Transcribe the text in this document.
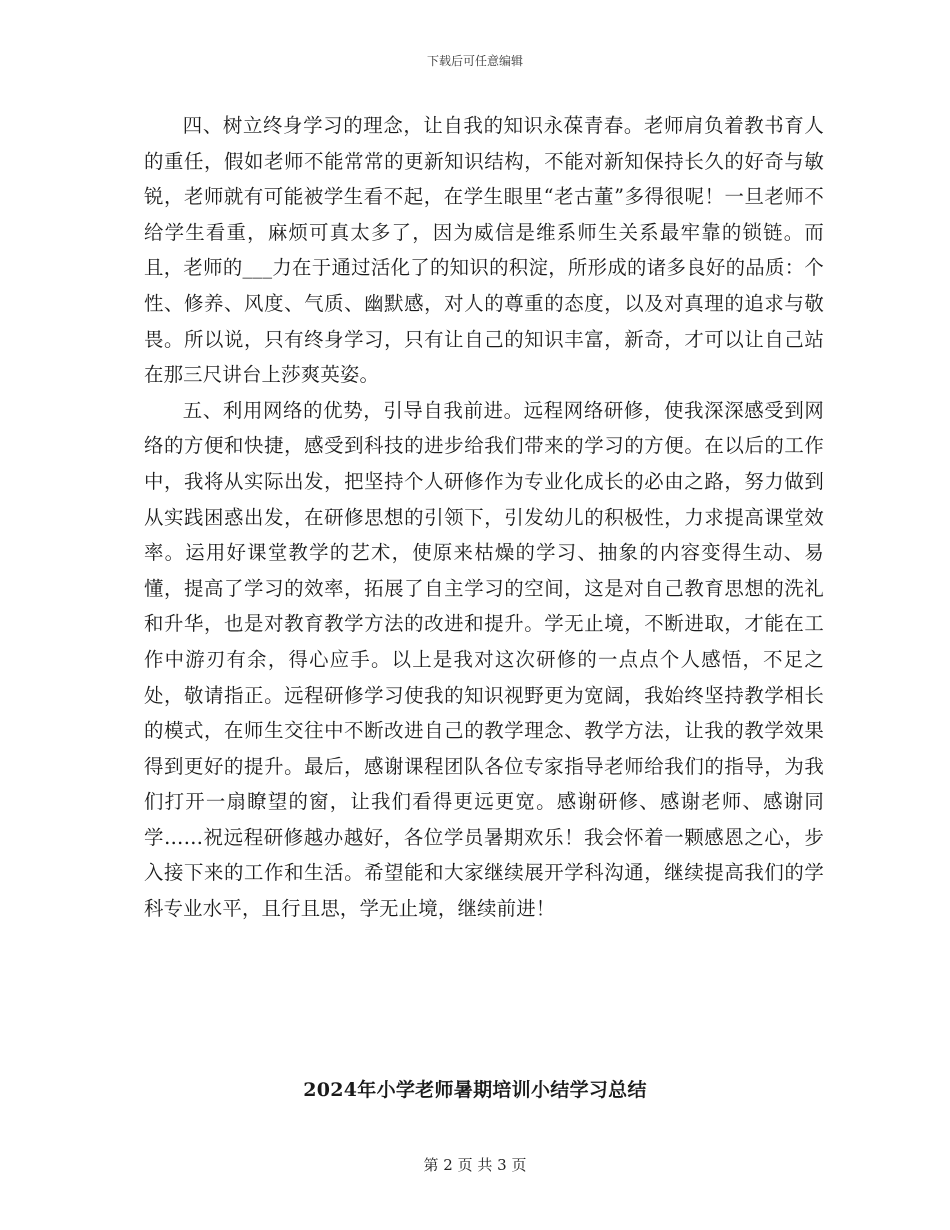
下载后可任意编辑

四、树立终身学习的理念，让自我的知识永葆青春。老师肩负着教书育人的重任，假如老师不能常常的更新知识结构，不能对新知保持长久的好奇与敏锐，老师就有可能被学生看不起，在学生眼里“老古董”多得很呢！一旦老师不给学生看重，麻烦可真太多了，因为威信是维系师生关系最牢靠的锁链。而且，老师的___力在于通过活化了的知识的积淀，所形成的诸多良好的品质：个性、修养、风度、气质、幽默感，对人的尊重的态度，以及对真理的追求与敬畏。所以说，只有终身学习，只有让自己的知识丰富，新奇，才可以让自己站在那三尺讲台上莎爽英姿。

五、利用网络的优势，引导自我前进。远程网络研修，使我深深感受到网络的方便和快捷，感受到科技的进步给我们带来的学习的方便。在以后的工作中，我将从实际出发，把坚持个人研修作为专业化成长的必由之路，努力做到从实践困惑出发，在研修思想的引领下，引发幼儿的积极性，力求提高课堂效率。运用好课堂教学的艺术，使原来枯燥的学习、抽象的内容变得生动、易懂，提高了学习的效率，拓展了自主学习的空间，这是对自己教育思想的洗礼和升华，也是对教育教学方法的改进和提升。学无止境，不断进取，才能在工作中游刃有余，得心应手。以上是我对这次研修的一点点个人感悟，不足之处，敬请指正。远程研修学习使我的知识视野更为宽阔，我始终坚持教学相长的模式，在师生交往中不断改进自己的教学理念、教学方法，让我的教学效果得到更好的提升。最后，感谢课程团队各位专家指导老师给我们的指导，为我们打开一扇瞭望的窗，让我们看得更远更宽。感谢研修、感谢老师、感谢同学……祝远程研修越办越好，各位学员暑期欢乐！我会怀着一颗感恩之心，步入接下来的工作和生活。希望能和大家继续展开学科沟通，继续提高我们的学科专业水平，且行且思，学无止境，继续前进！

2024年小学老师暑期培训小结学习总结
第 2 页 共 3 页
